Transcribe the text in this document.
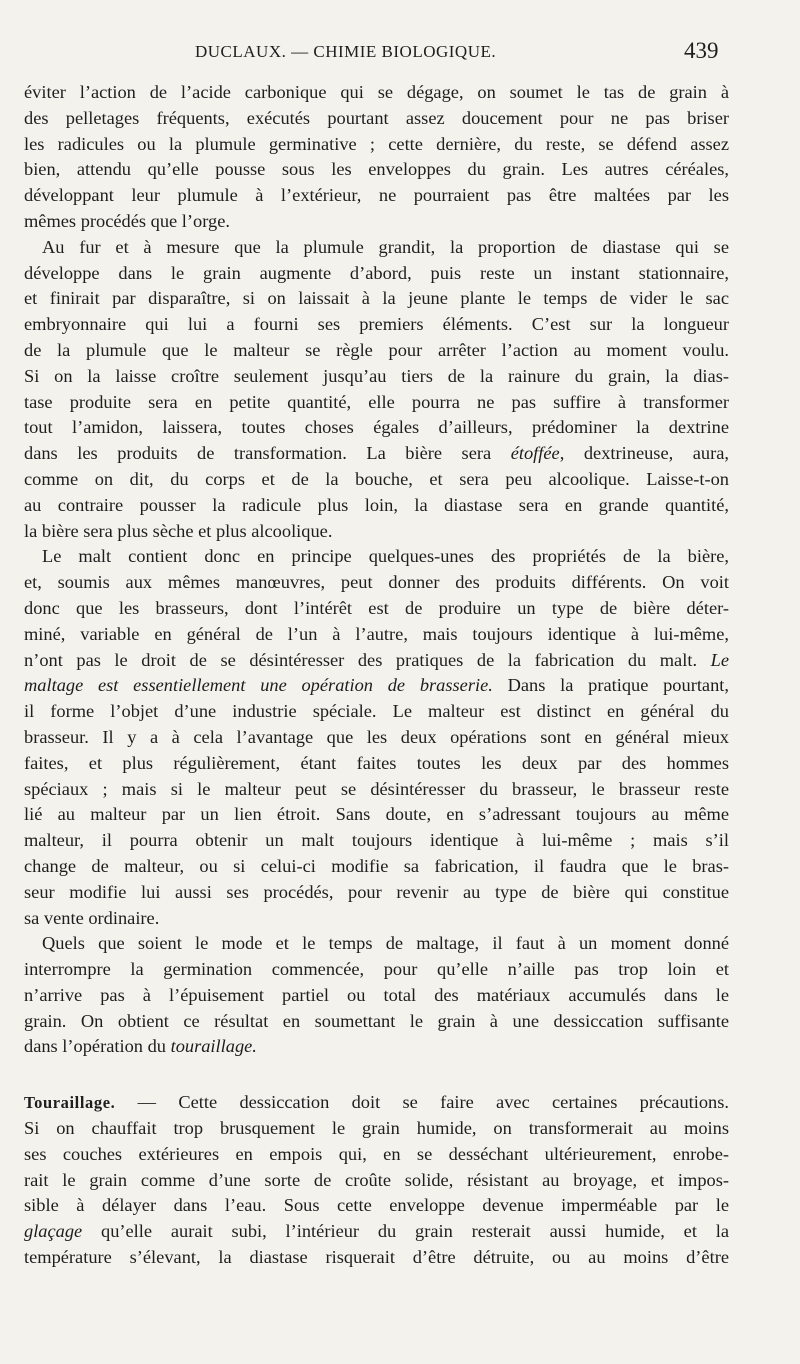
DUCLAUX. — CHIMIE BIOLOGIQUE.	439
éviter l’action de l’acide carbonique qui se dégage, on soumet le tas de grain à
des pelletages fréquents, exécutés pourtant assez doucement pour ne pas briser
les radicules ou la plumule germinative ; cette dernière, du reste, se défend assez
bien, attendu qu’elle pousse sous les enveloppes du grain. Les autres céréales,
développant leur plumule à l’extérieur, ne pourraient pas être maltées par les
mêmes procédés que l’orge.
Au fur et à mesure que la plumule grandit, la proportion de diastase qui se
développe dans le grain augmente d’abord, puis reste un instant stationnaire,
et finirait par disparaître, si on laissait à la jeune plante le temps de vider le sac
embryonnaire qui lui a fourni ses premiers éléments. C’est sur la longueur
de la plumule que le malteur se règle pour arrêter l’action au moment voulu.
Si on la laisse croître seulement jusqu’au tiers de la rainure du grain, la dias-
tase produite sera en petite quantité, elle pourra ne pas suffire à transformer
tout l’amidon, laissera, toutes choses égales d’ailleurs, prédominer la dextrine
dans les produits de transformation. La bière sera étoffée, dextrineuse, aura,
comme on dit, du corps et de la bouche, et sera peu alcoolique. Laisse-t-on
au contraire pousser la radicule plus loin, la diastase sera en grande quantité,
la bière sera plus sèche et plus alcoolique.
Le malt contient donc en principe quelques-unes des propriétés de la bière,
et, soumis aux mêmes manœuvres, peut donner des produits différents. On voit
donc que les brasseurs, dont l’intérêt est de produire un type de bière déter-
miné, variable en général de l’un à l’autre, mais toujours identique à lui-même,
n’ont pas le droit de se désintéresser des pratiques de la fabrication du malt. Le
maltage est essentiellement une opération de brasserie. Dans la pratique pourtant,
il forme l’objet d’une industrie spéciale. Le malteur est distinct en général du
brasseur. Il y a à cela l’avantage que les deux opérations sont en général mieux
faites, et plus régulièrement, étant faites toutes les deux par des hommes
spéciaux ; mais si le malteur peut se désintéresser du brasseur, le brasseur reste
lié au malteur par un lien étroit. Sans doute, en s’adressant toujours au même
malteur, il pourra obtenir un malt toujours identique à lui-même ; mais s’il
change de malteur, ou si celui-ci modifie sa fabrication, il faudra que le bras-
seur modifie lui aussi ses procédés, pour revenir au type de bière qui constitue
sa vente ordinaire.
Quels que soient le mode et le temps de maltage, il faut à un moment donné
interrompre la germination commencée, pour qu’elle n’aille pas trop loin et
n’arrive pas à l’épuisement partiel ou total des matériaux accumulés dans le
grain. On obtient ce résultat en soumettant le grain à une dessiccation suffisante
dans l’opération du touraillage.
Touraillage. — Cette dessiccation doit se faire avec certaines précautions.
Si on chauffait trop brusquement le grain humide, on transformerait au moins
ses couches extérieures en empois qui, en se desséchant ultérieurement, enrobe-
rait le grain comme d’une sorte de croûte solide, résistant au broyage, et impos-
sible à délayer dans l’eau. Sous cette enveloppe devenue imperméable par le
glaçage qu’elle aurait subi, l’intérieur du grain resterait aussi humide, et la
température s’élevant, la diastase risquerait d’être détruite, ou au moins d’être
